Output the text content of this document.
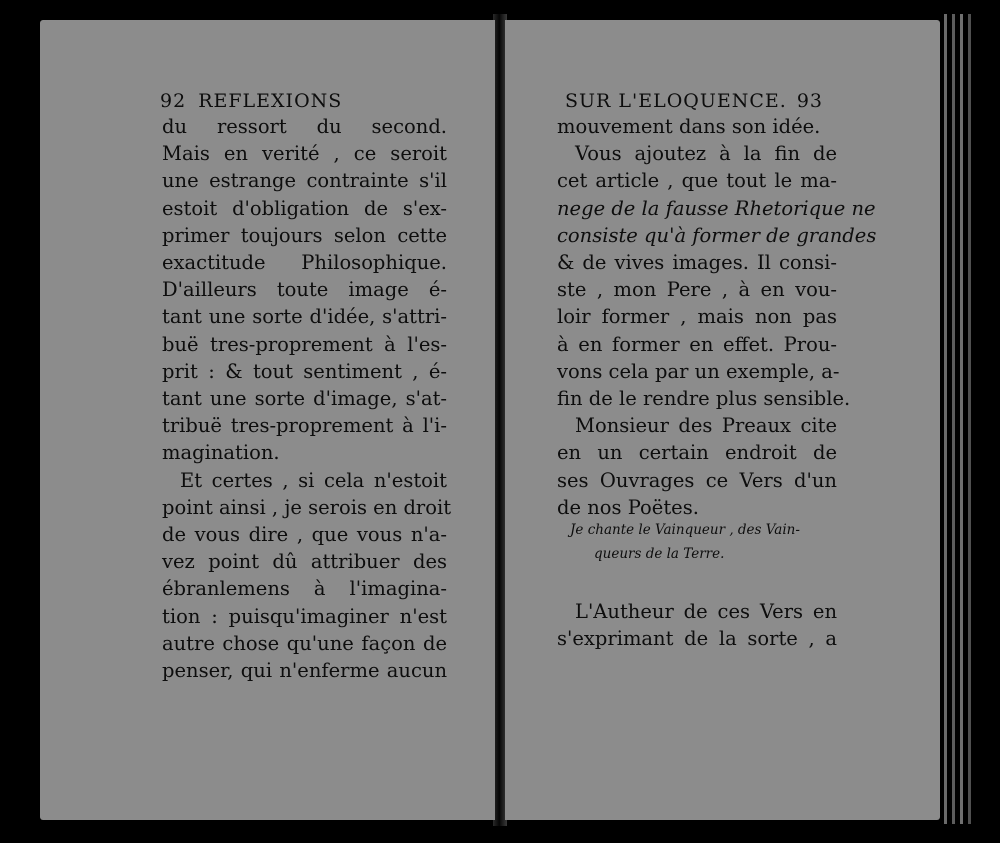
92 REFLEXIONS
du ressort du second.
Mais en verité , ce seroit
une estrange contrainte s'il
estoit d'obligation de s'ex-
primer toujours selon cette
exactitude Philosophique.
D'ailleurs toute image é-
tant une sorte d'idée, s'attri-
buë tres-proprement à l'es-
prit : & tout sentiment , é-
tant une sorte d'image, s'at-
tribuë tres-proprement à l'i-
magination.
Et certes , si cela n'estoit
point ainsi , je serois en droit
de vous dire , que vous n'a-
vez point dû attribuer des
ébranlemens à l'imagina-
tion : puisqu'imaginer n'est
autre chose qu'une façon de
penser, qui n'enferme aucun
SUR L'ELOQUENCE. 93
mouvement dans son idée.
Vous ajoutez à la fin de
cet article , que tout le ma-
nege de la fausse Rhetorique ne
consiste qu'à former de grandes
& de vives images. Il consi-
ste , mon Pere , à en vou-
loir former , mais non pas
à en former en effet. Prou-
vons cela par un exemple, a-
fin de le rendre plus sensible.
Monsieur des Preaux cite
en un certain endroit de
ses Ouvrages ce Vers d'un
de nos Poëtes.
Je chante le Vainqueur , des Vain-
queurs de la Terre.
L'Autheur de ces Vers en
s'exprimant de la sorte , a
